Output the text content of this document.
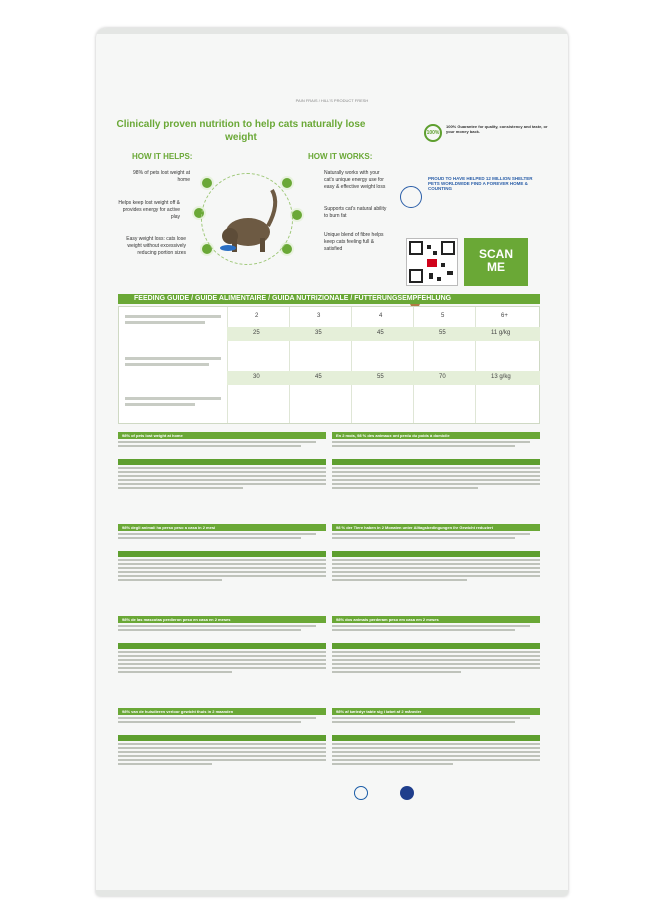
PAIN FRAIS / HILL'S PRODUCT FRESH
Clinically proven nutrition to help cats naturally lose weight
HOW IT HELPS:	HOW IT WORKS:
98% of pets lost weight at home
Helps keep lost weight off & provides energy for active play
Easy weight loss: cats lose weight without excessively reducing portion sizes
Naturally works with your cat's unique energy use for easy & effective weight loss
Supports cat's natural ability to burn fat
Unique blend of fibre helps keep cats feeling full & satisfied
100%
100% Guarantee for quality, consistency and taste, or your money back.
PROUD TO HAVE HELPED 12 MILLION SHELTER PETS WORLDWIDE FIND A FOREVER HOME & COUNTING
SCAN
ME
FEEDING GUIDE / GUIDE ALIMENTAIRE / GUIDA NUTRIZIONALE / FÜTTERUNGSEMPFEHLUNG
2	3	4	5	6+
25	35	45	55	11 g/kg
30	45	55	70	13 g/kg
98% of pets lost weight at home	En 2 mois, 98 % des animaux ont perdu du poids à domicile
98% degli animali ha perso peso a casa in 2 mesi	98 % der Tiere haben in 2 Monaten unter Alltagsbedingungen ihr Gewicht reduziert
98% de las mascotas perdieron peso en casa en 2 meses	98% dos animais perderam peso em casa em 2 meses
98% van de huisdieren verloor gewicht thuis in 2 maanden	98% af kæledyr tabte sig i løbet af 2 måneder
